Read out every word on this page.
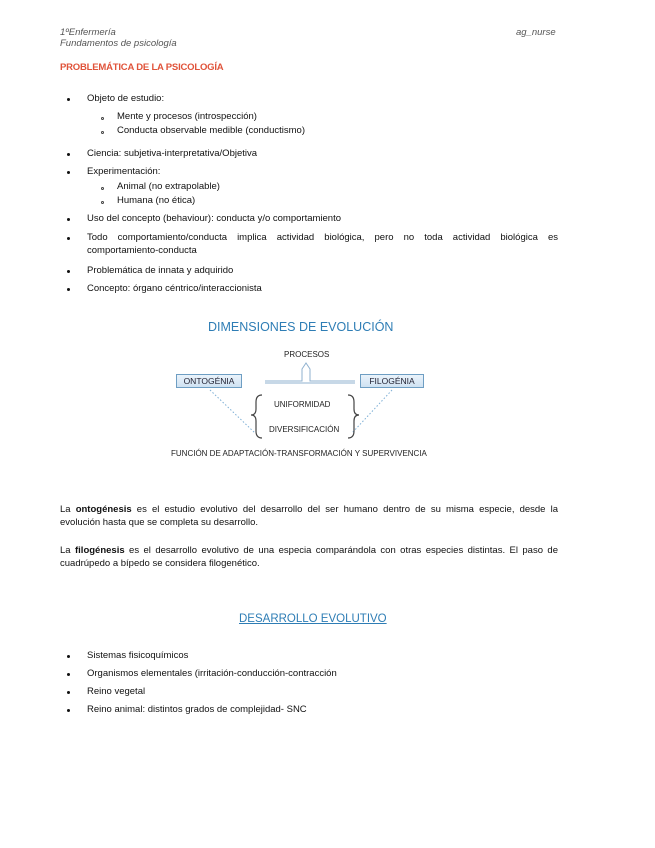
1ºEnfermería
Fundamentos de psicología
ag_nurse
PROBLEMÁTICA DE LA PSICOLOGÍA
Objeto de estudio:
Mente y procesos (introspección)
Conducta observable medible (conductismo)
Ciencia: subjetiva-interpretativa/Objetiva
Experimentación:
Animal (no extrapolable)
Humana (no ética)
Uso del concepto (behaviour): conducta y/o comportamiento
Todo comportamiento/conducta implica actividad biológica, pero no toda actividad biológica es
comportamiento-conducta
Problemática de innata y adquirido
Concepto: órgano céntrico/interaccionista
DIMENSIONES DE EVOLUCIÓN
PROCESOS
ONTOGÉNIA	FILOGÉNIA
UNIFORMIDAD
DIVERSIFICACIÓN
FUNCIÓN DE ADAPTACIÓN-TRANSFORMACIÓN Y SUPERVIVENCIA
La ontogénesis es el estudio evolutivo del desarrollo del ser humano dentro de su misma especie, desde la
evolución hasta que se completa su desarrollo.
La filogénesis es el desarrollo evolutivo de una especia comparándola con otras especies distintas. El paso de
cuadrúpedo a bípedo se considera filogenético.
DESARROLLO EVOLUTIVO
Sistemas fisicoquímicos
Organismos elementales (irritación-conducción-contracción
Reino vegetal
Reino animal: distintos grados de complejidad- SNC
